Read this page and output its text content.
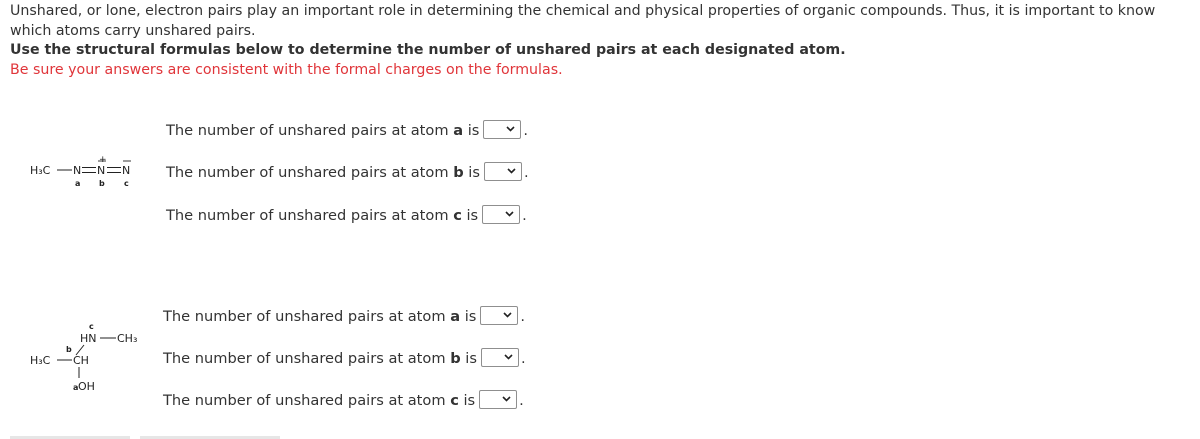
Unshared, or lone, electron pairs play an important role in determining the chemical and physical properties of organic compounds. Thus, it is important to know which atoms carry unshared pairs.

Use the structural formulas below to determine the number of unshared pairs at each designated atom.

Be sure your answers are consistent with the formal charges on the formulas.

H₃C N N
+
N
a b c
c
HN CH₃
b
H₃C CH
a OH
The number of unshared pairs at atom a is	.
The number of unshared pairs at atom b is	.
The number of unshared pairs at atom c is	.
The number of unshared pairs at atom a is	.
The number of unshared pairs at atom b is	.
The number of unshared pairs at atom c is	.
